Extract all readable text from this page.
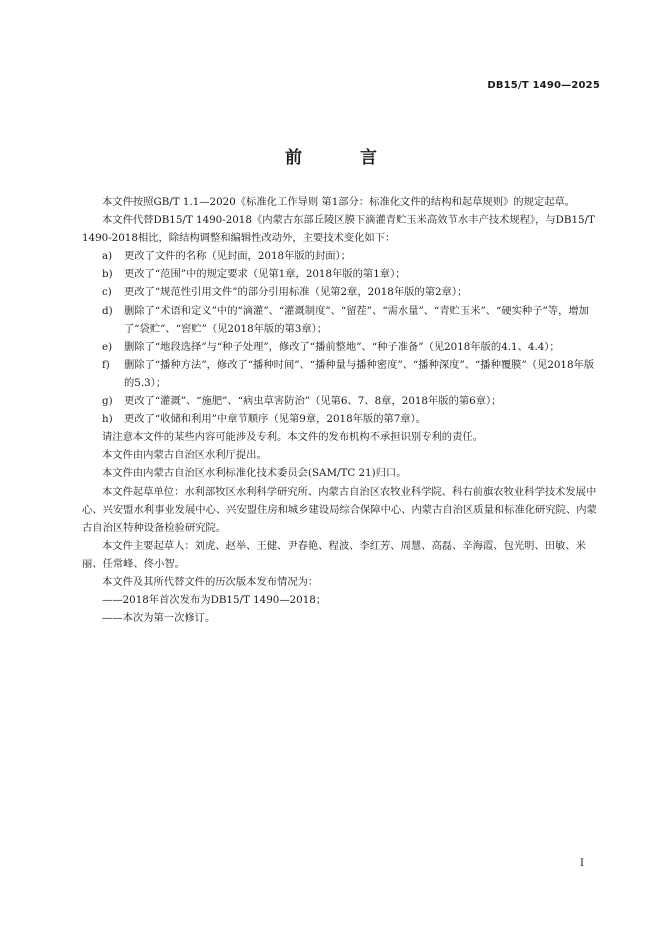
DB15/T 1490—2025
前 言

本文件按照GB/T 1.1—2020《标准化工作导则 第1部分：标准化文件的结构和起草规则》的规定起草。

本文件代替DB15/T 1490-2018《内蒙古东部丘陵区膜下滴灌青贮玉米高效节水丰产技术规程》，与DB15/T 1490-2018相比，除结构调整和编辑性改动外，主要技术变化如下：

a)	更改了文件的名称（见封面，2018年版的封面）；
b)	更改了“范围”中的规定要求（见第1章，2018年版的第1章）；
c)	更改了“规范性引用文件”的部分引用标准（见第2章，2018年版的第2章）；
d)	删除了“术语和定义”中的“滴灌”、“灌溉制度”、“留茬”、“需水量”、“青贮玉米”、“硬实种子”等，增加了“袋贮”、“窖贮”（见2018年版的第3章）；
e)	删除了“地段选择”与“种子处理”，修改了“播前整地”、“种子准备”（见2018年版的4.1、4.4）；
f)	删除了“播种方法”，修改了“播种时间”、“播种量与播种密度”、“播种深度”、“播种覆膜”（见2018年版的5.3）；
g)	更改了“灌溉”、“施肥”、“病虫草害防治”（见第6、7、8章，2018年版的第6章）；
h)	更改了“收储和利用”中章节顺序（见第9章，2018年版的第7章）。

请注意本文件的某些内容可能涉及专利。本文件的发布机构不承担识别专利的责任。

本文件由内蒙古自治区水利厅提出。

本文件由内蒙古自治区水利标准化技术委员会(SAM/TC 21)归口。

本文件起草单位：水利部牧区水利科学研究所、内蒙古自治区农牧业科学院、科右前旗农牧业科学技术发展中心、兴安盟水利事业发展中心、兴安盟住房和城乡建设局综合保障中心、内蒙古自治区质量和标准化研究院、内蒙古自治区特种设备检验研究院。

本文件主要起草人：刘虎、赵举、王健、尹春艳、程波、李红芳、周慧、高磊、辛海霞、包光明、田敏、米丽、任常峰、佟小智。

本文件及其所代替文件的历次版本发布情况为：

——2018年首次发布为DB15/T 1490—2018；

——本次为第一次修订。

I
